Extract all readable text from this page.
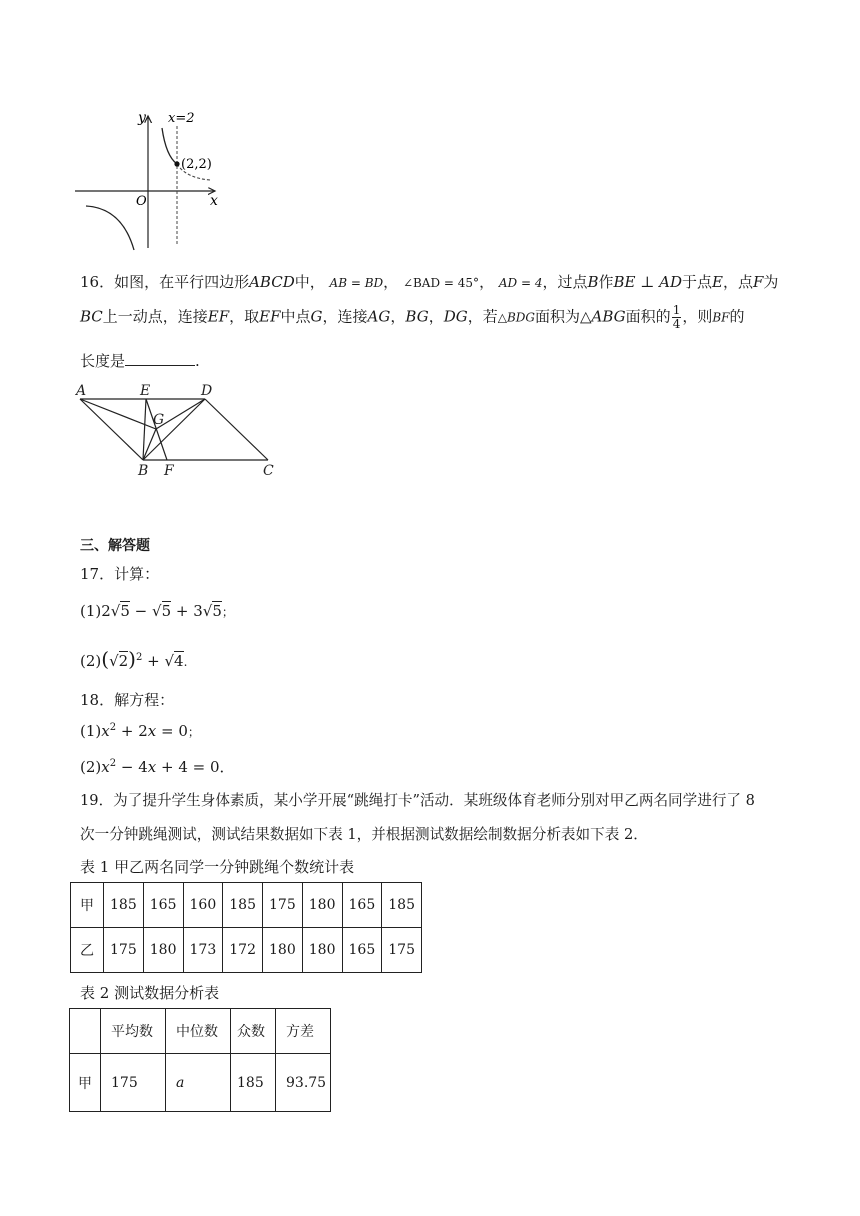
y x=2
(2,2)
O	x
16．如图，在平行四边形ABCD中， AB = BD， ∠BAD = 45°， AD = 4，过点B作BE ⊥ AD于点E，点F为
BC上一动点，连接EF，取EF中点G，连接AG，BG，DG，若△BDG面积为△ABG面积的 $\frac{1}{4}$ ，则BF的
长度是	.
A	E	D
G
B F	C
三、解答题
17．计算：
(1)2√5 − √5 + 3√5；
$(2)(√2)^2 + √4$.
18．解方程：
$(1)x^2 + 2x = 0$；
$(2)x^2 - 4x + 4 = 0$．
19．为了提升学生身体素质，某小学开展“跳绳打卡”活动．某班级体育老师分别对甲乙两名同学进行了 8
次一分钟跳绳测试，测试结果数据如下表 1，并根据测试数据绘制数据分析表如下表 2．
表 1 甲乙两名同学一分钟跳绳个数统计表
甲	185	165	160	185	175	180	165	185
乙	175	180	173	172	180	180	165	175
表 2 测试数据分析表
	平均数	中位数	众数	方差
甲	175	a	185	93.75
